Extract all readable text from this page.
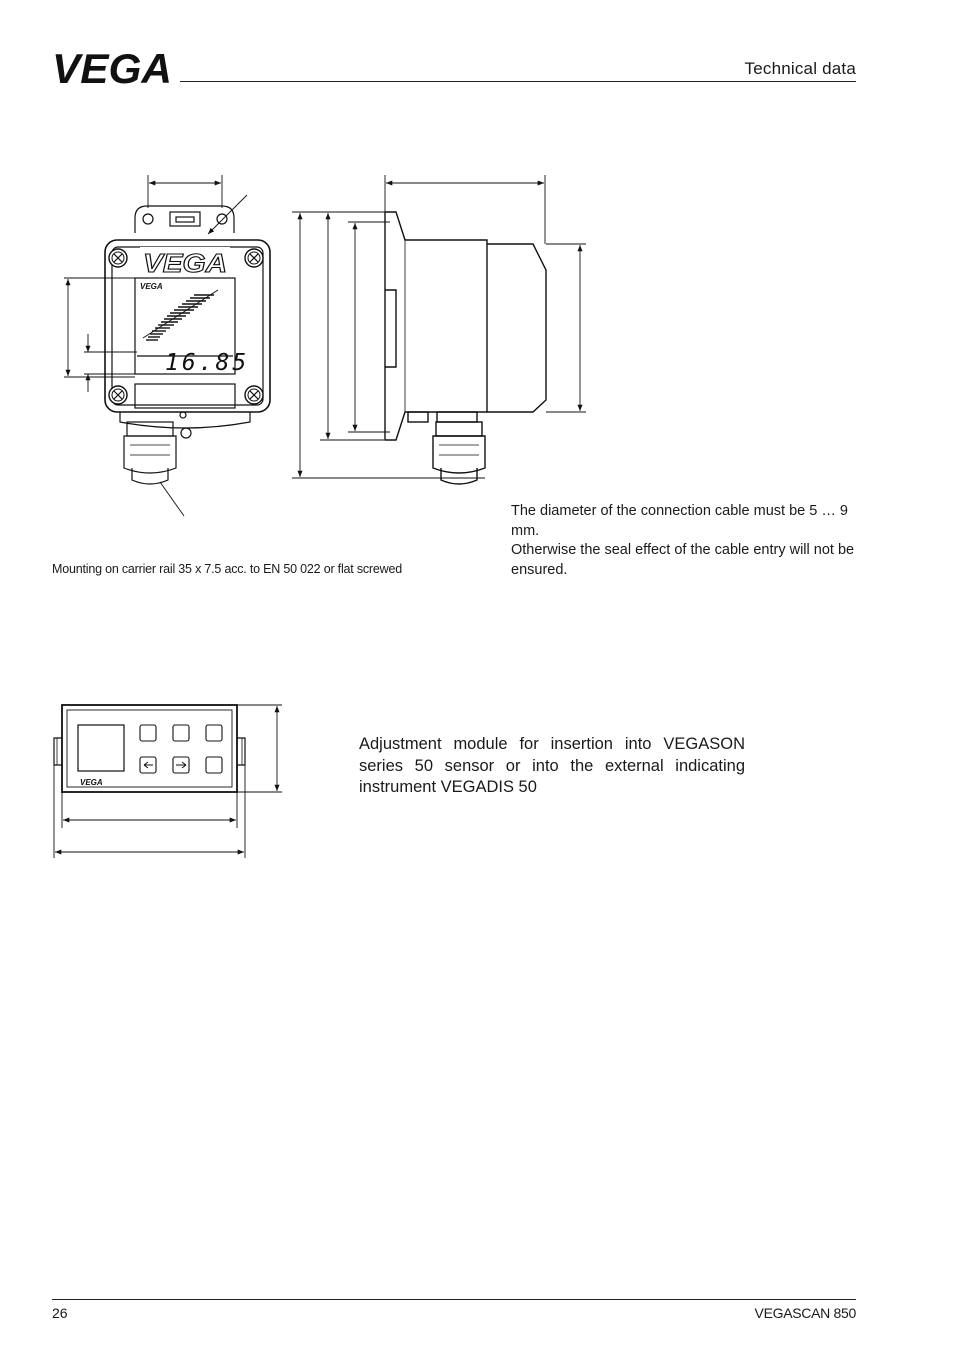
VEGA	Technical data
VEGA
VEGA
16.85
Mounting on carrier rail 35 x 7.5 acc. to EN 50 022 or flat screwed
The diameter of the connection cable must be 5 … 9 mm.
Otherwise the seal effect of the cable entry will not be ensured.
VEGA
Adjustment module for insertion into VEGASON series 50 sensor or into the external indicating instrument VEGADIS 50
26	VEGASCAN 850
